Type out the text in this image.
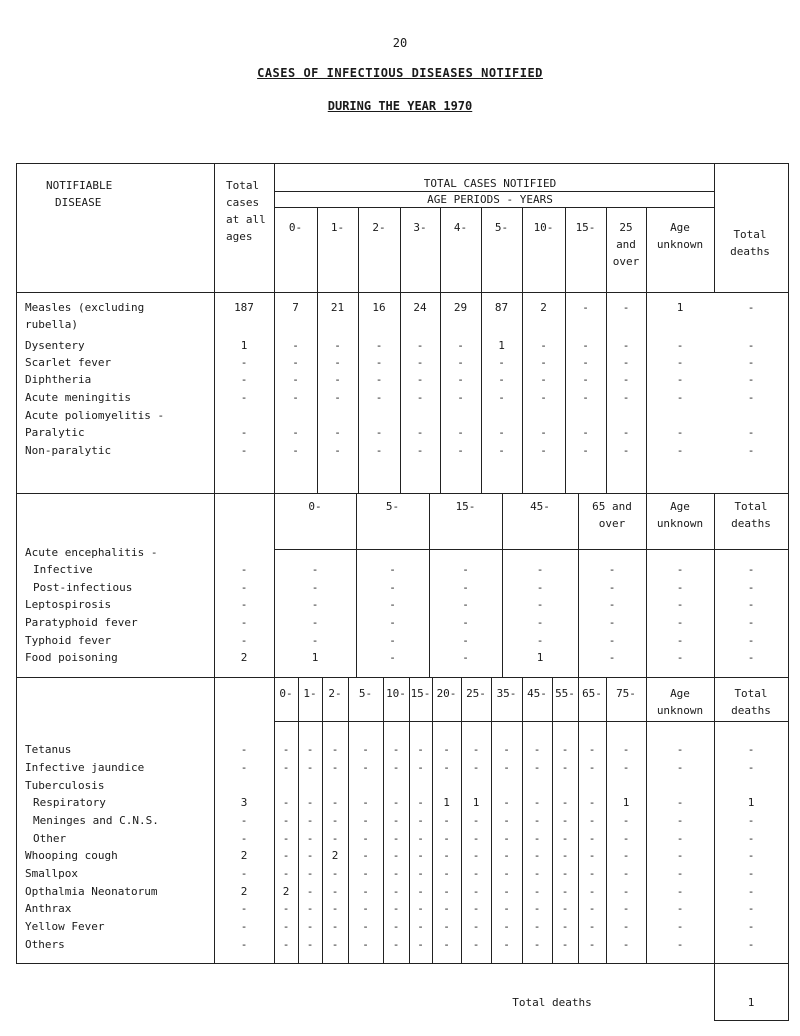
20
CASES OF INFECTIOUS DISEASES NOTIFIED
DURING THE YEAR 1970
NOTIFIABLE
DISEASE
Total
cases
at all
ages
TOTAL CASES NOTIFIED
AGE PERIODS - YEARS
Total
deaths
0-	1-	2-	3-	4-	5-	10-	15-	25
and
over
Age
unknown
Measles (excluding
rubella)
187	7	21	16	24	29	87	2	-	-	1	-
Dysentery	1	-	-	-	-	-	1	-	-	-	-	-
Scarlet fever	-	-	-	-	-	-	-	-	-	-	-	-
Diphtheria	-	-	-	-	-	-	-	-	-	-	-	-
Acute meningitis	-	-	-	-	-	-	-	-	-	-	-	-
Acute poliomyelitis -
Paralytic	-	-	-	-	-	-	-	-	-	-	-	-
Non-paralytic	-	-	-	-	-	-	-	-	-	-	-	-
0-	5-	15-	45-	65 and
over
Age
unknown
Total
deaths
Acute encephalitis -
Infective	-	-	-	-	-	-	-	-
Post-infectious	-	-	-	-	-	-	-	-
Leptospirosis	-	-	-	-	-	-	-	-
Paratyphoid fever	-	-	-	-	-	-	-	-
Typhoid fever	-	-	-	-	-	-	-	-
Food poisoning	2	1	-	-	1	-	-	-
0- 1-	2-	5-	10- 15- 20- 25- 35- 45- 55- 65-	75-	Age
unknown
Total
deaths
Tetanus	-	-	-	-	-	-	-	-	-	-	-	-	-	-	-	-
Infective jaundice	-	-	-	-	-	-	-	-	-	-	-	-	-	-	-	-
Tuberculosis
Respiratory	3	-	-	-	-	-	-	1	1	-	-	-	-	1	-	1
Meninges and C.N.S.	-	-	-	-	-	-	-	-	-	-	-	-	-	-	-	-
Other	-	-	-	-	-	-	-	-	-	-	-	-	-	-	-	-
Whooping cough	2	-	-	2	-	-	-	-	-	-	-	-	-	-	-	-
Smallpox	-	-	-	-	-	-	-	-	-	-	-	-	-	-	-	-
Opthalmia Neonatorum	2	2	-	-	-	-	-	-	-	-	-	-	-	-	-	-
Anthrax	-	-	-	-	-	-	-	-	-	-	-	-	-	-	-	-
Yellow Fever	-	-	-	-	-	-	-	-	-	-	-	-	-	-	-	-
Others	-	-	-	-	-	-	-	-	-	-	-	-	-	-	-	-
Total deaths	1
